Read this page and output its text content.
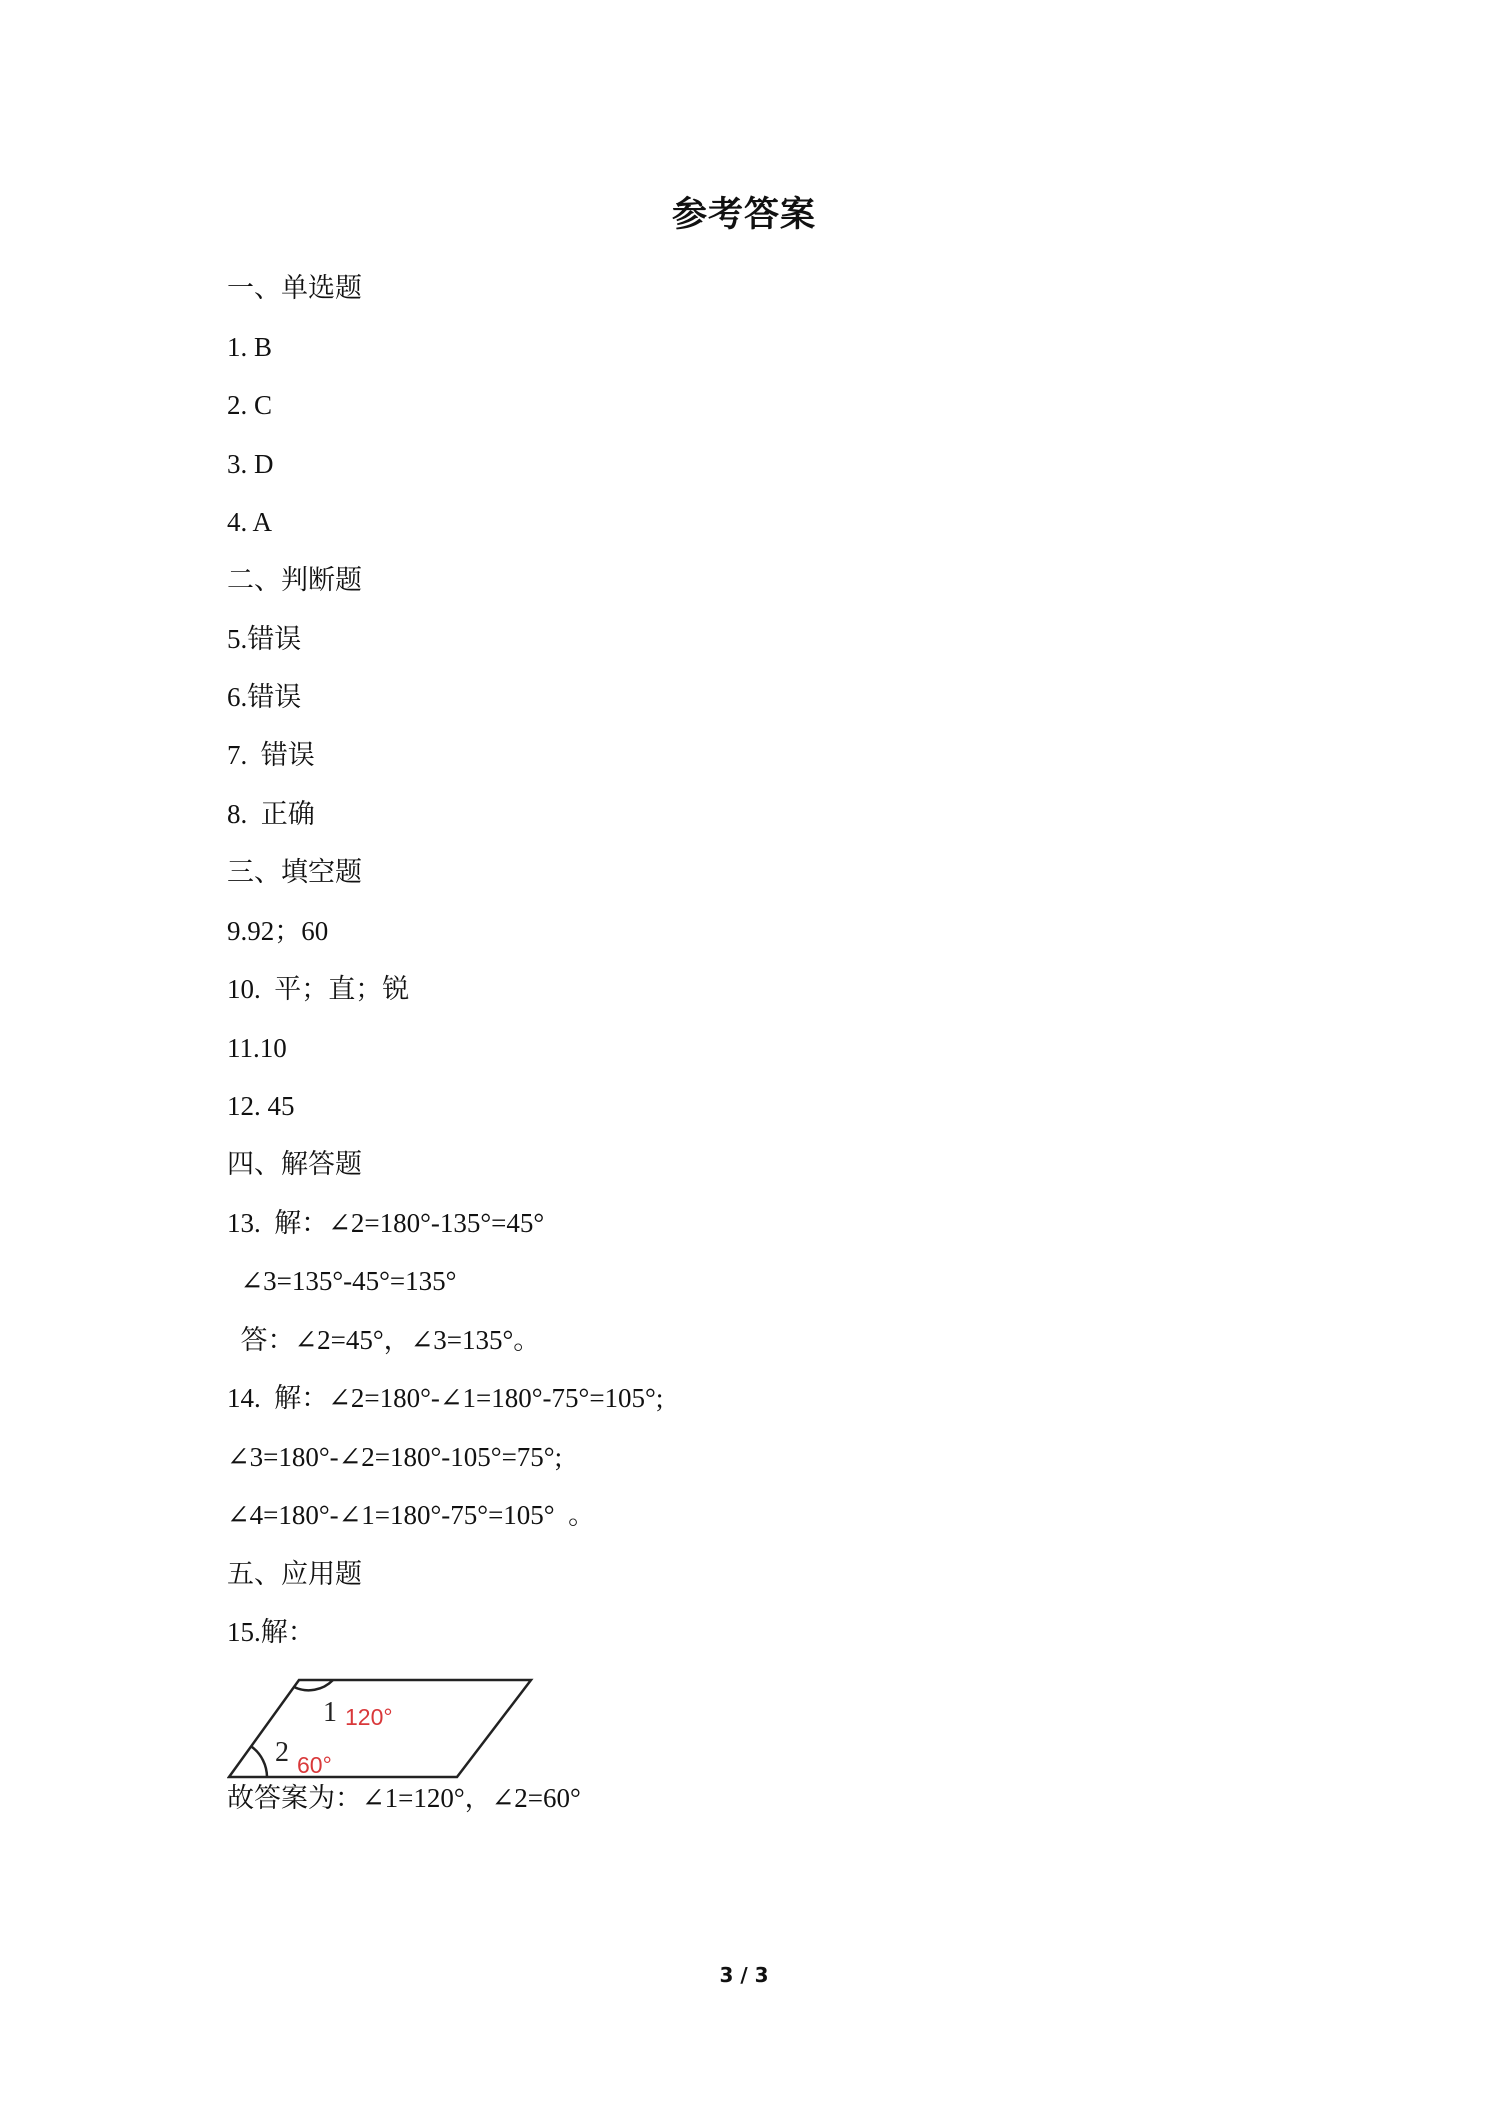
参考答案
一、单选题
1. B
2. C
3. D
4. A
二、判断题
5.错误
6.错误
7.  错误
8.  正确
三、填空题
9.92；60
10.  平；直；锐
11.10
12. 45
四、解答题
13.  解：∠2=180°-135°=45°
∠3=135°-45°=135°
答：∠2=45°，∠3=135°。
14.  解：∠2=180°-∠1=180°-75°=105°;
∠3=180°-∠2=180°-105°=75°;
∠4=180°-∠1=180°-75°=105°  。
五、应用题
15.解：
1 120°
2 60°
故答案为：∠1=120°，∠2=60°
3 / 3
